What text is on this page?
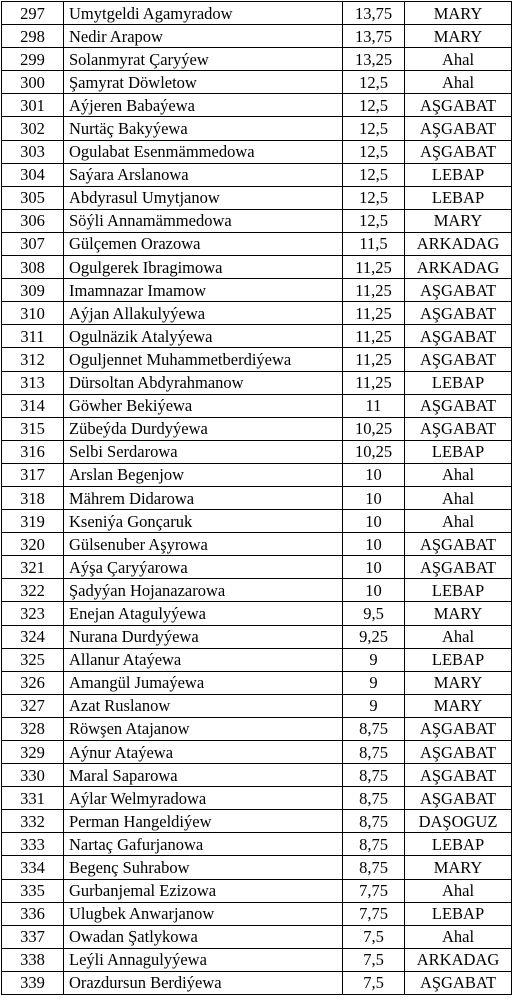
297	Umytgeldi Agamyradow	13,75	MARY
298	Nedir Arapow	13,75	MARY
299	Solanmyrat Çaryýew	13,25	Ahal
300	Şamyrat Döwletow	12,5	Ahal
301	Aýjeren Babaýewa	12,5	AŞGABAT
302	Nurtäç Bakyýewa	12,5	AŞGABAT
303	Ogulabat Esenmämmedowa	12,5	AŞGABAT
304	Saýara Arslanowa	12,5	LEBAP
305	Abdyrasul Umytjanow	12,5	LEBAP
306	Söýli Annamämmedowa	12,5	MARY
307	Gülçemen Orazowa	11,5	ARKADAG
308	Ogulgerek Ibragimowa	11,25	ARKADAG
309	Imamnazar Imamow	11,25	AŞGABAT
310	Aýjan Allakulyýewa	11,25	AŞGABAT
311	Ogulnäzik Atalyýewa	11,25	AŞGABAT
312	Oguljennet Muhammetberdiýewa	11,25	AŞGABAT
313	Dürsoltan Abdyrahmanow	11,25	LEBAP
314	Göwher Bekiýewa	11	AŞGABAT
315	Zübeýda Durdyýewa	10,25	AŞGABAT
316	Selbi Serdarowa	10,25	LEBAP
317	Arslan Begenjow	10	Ahal
318	Mährem Didarowa	10	Ahal
319	Kseniýa Gonçaruk	10	Ahal
320	Gülsenuber Aşyrowa	10	AŞGABAT
321	Aýşa Çaryýarowa	10	AŞGABAT
322	Şadyýan Hojanazarowa	10	LEBAP
323	Enejan Atagulyýewa	9,5	MARY
324	Nurana Durdyýewa	9,25	Ahal
325	Allanur Ataýewa	9	LEBAP
326	Amangül Jumaýewa	9	MARY
327	Azat Ruslanow	9	MARY
328	Röwşen Atajanow	8,75	AŞGABAT
329	Aýnur Ataýewa	8,75	AŞGABAT
330	Maral Saparowa	8,75	AŞGABAT
331	Aýlar Welmyradowa	8,75	AŞGABAT
332	Perman Hangeldiýew	8,75	DAŞOGUZ
333	Nartaç Gafurjanowa	8,75	LEBAP
334	Begenç Suhrabow	8,75	MARY
335	Gurbanjemal Ezizowa	7,75	Ahal
336	Ulugbek Anwarjanow	7,75	LEBAP
337	Owadan Şatlykowa	7,5	Ahal
338	Leýli Annagulyýewa	7,5	ARKADAG
339	Orazdursun Berdiýewa	7,5	AŞGABAT
